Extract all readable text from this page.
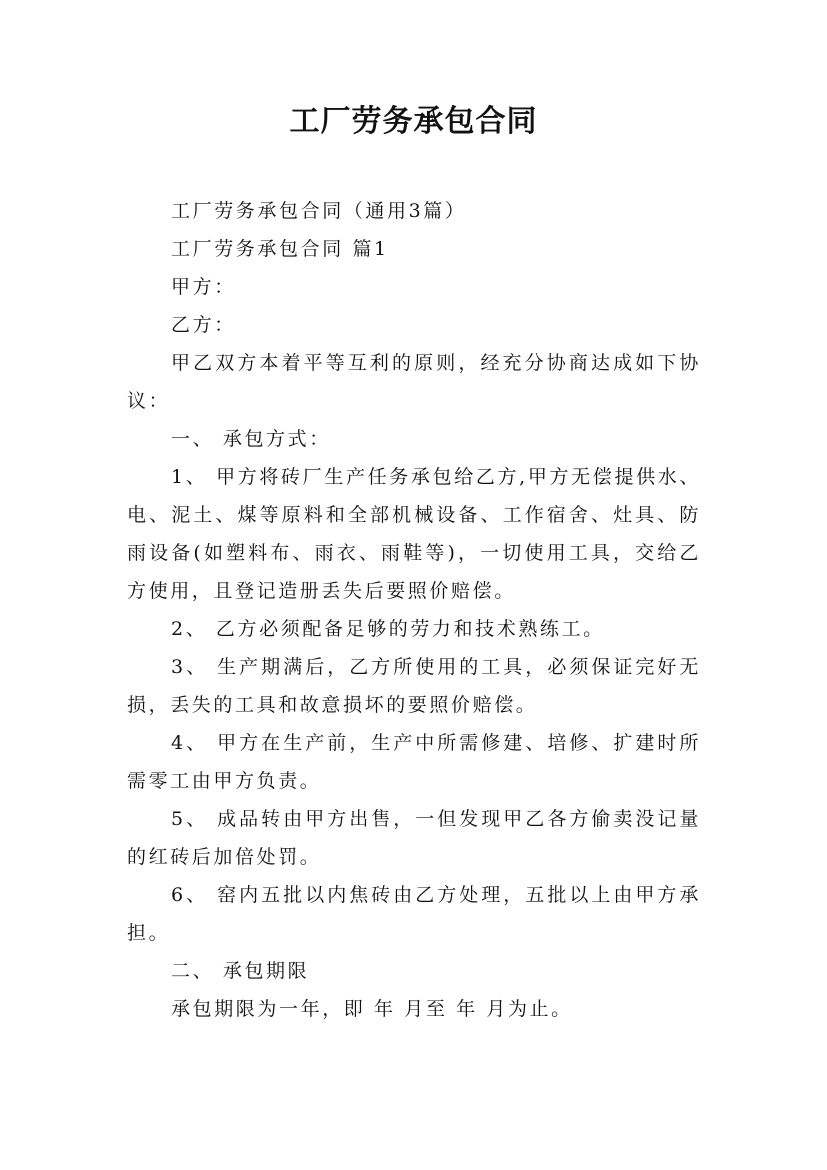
工厂劳务承包合同

工厂劳务承包合同（通用3篇）

工厂劳务承包合同 篇1

甲方：

乙方：

甲乙双方本着平等互利的原则，经充分协商达成如下协议：

一、 承包方式：

1、 甲方将砖厂生产任务承包给乙方,甲方无偿提供水、电、泥土、煤等原料和全部机械设备、工作宿舍、灶具、防雨设备(如塑料布、雨衣、雨鞋等)，一切使用工具，交给乙方使用，且登记造册丢失后要照价赔偿。

2、 乙方必须配备足够的劳力和技术熟练工。

3、 生产期满后，乙方所使用的工具，必须保证完好无损，丢失的工具和故意损坏的要照价赔偿。

4、 甲方在生产前，生产中所需修建、培修、扩建时所需零工由甲方负责。

5、 成品转由甲方出售，一但发现甲乙各方偷卖没记量的红砖后加倍处罚。

6、 窑内五批以内焦砖由乙方处理，五批以上由甲方承担。

二、 承包期限

承包期限为一年，即 年 月至 年 月为止。
